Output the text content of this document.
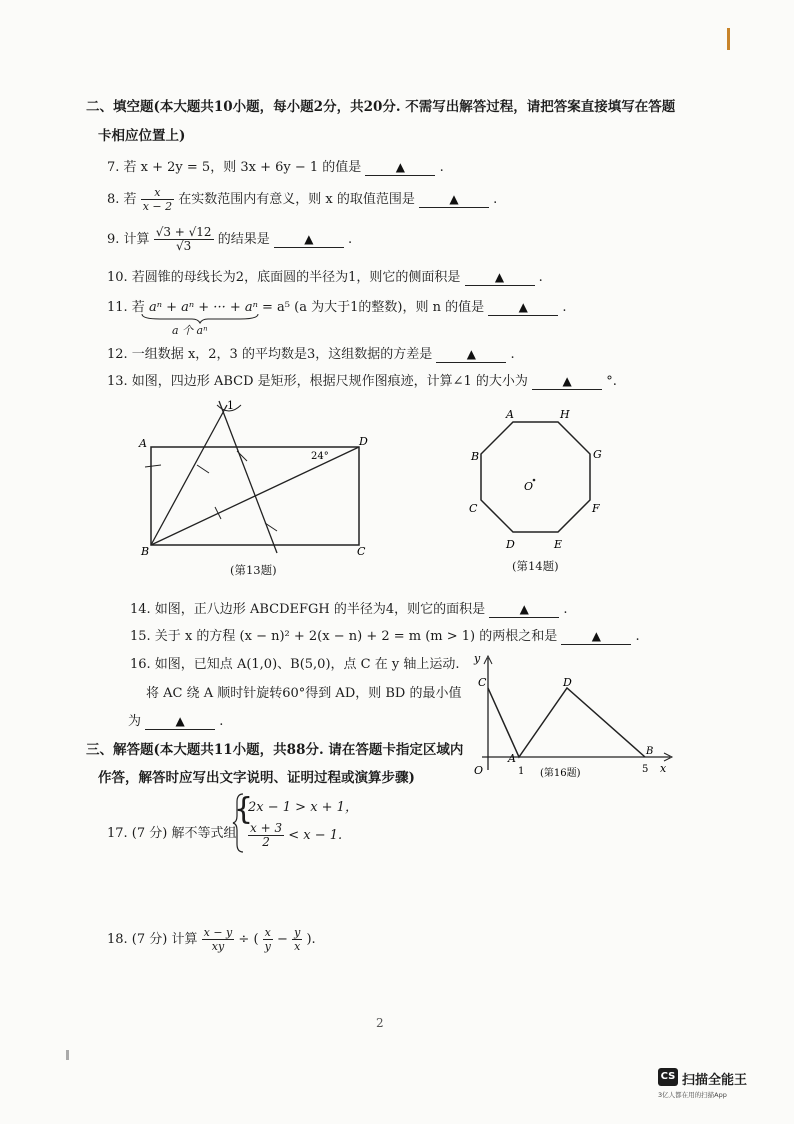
二、填空题(本大题共10小题，每小题2分，共20分. 不需写出解答过程，请把答案直接填写在答题
卡相应位置上)
7. 若 x + 2y = 5，则 3x + 6y − 1 的值是	▲	.
8. 若 $\frac{x}{x - 2}$ 在实数范围内有意义，则 x 的取值范围是	▲	.
9. 计算 $\frac{√3 + √12}{√3}$ 的结果是	▲	.
10. 若圆锥的母线长为2，底面圆的半径为1，则它的侧面积是	▲	.
11. 若 aⁿ + aⁿ + ··· + aⁿ = a⁵ (a 为大于1的整数)，则 n 的值是	▲	.
a 个 aⁿ
12. 一组数据 x，2，3 的平均数是3，这组数据的方差是	▲	.
13. 如图，四边形 ABCD 是矩形，根据尺规作图痕迹，计算∠1 的大小为	▲	°.
A	D
B	C
1
24°
(第13题)
A	H
B	G
C	F
D	E
O
(第14题)
14. 如图，正八边形 ABCDEFGH 的半径为4，则它的面积是	▲	.
15. 关于 x 的方程 (x − n)² + 2(x − n) + 2 = m (m > 1) 的两根之和是	▲	.
16. 如图，已知点 A(1,0)、B(5,0)，点 C 在 y 轴上运动.
将 AC 绕 A 顺时针旋转60°得到 AD，则 BD 的最小值
为	▲	.
y
x
O
A
B
C	D
1	5
(第16题)
三、解答题(本大题共11小题，共88分. 请在答题卡指定区域内
作答，解答时应写出文字说明、证明过程或演算步骤)
17. (7 分) 解不等式组
{
2x − 1 > x + 1，
$\frac{x + 3}{2} < x - 1$.
18. (7 分) 计算 $\frac{x - y}{xy}$ ÷ ( $\frac{x}{y} - \frac{y}{x}$ ).
2
CS 扫描全能王
3亿人都在用的扫描App
